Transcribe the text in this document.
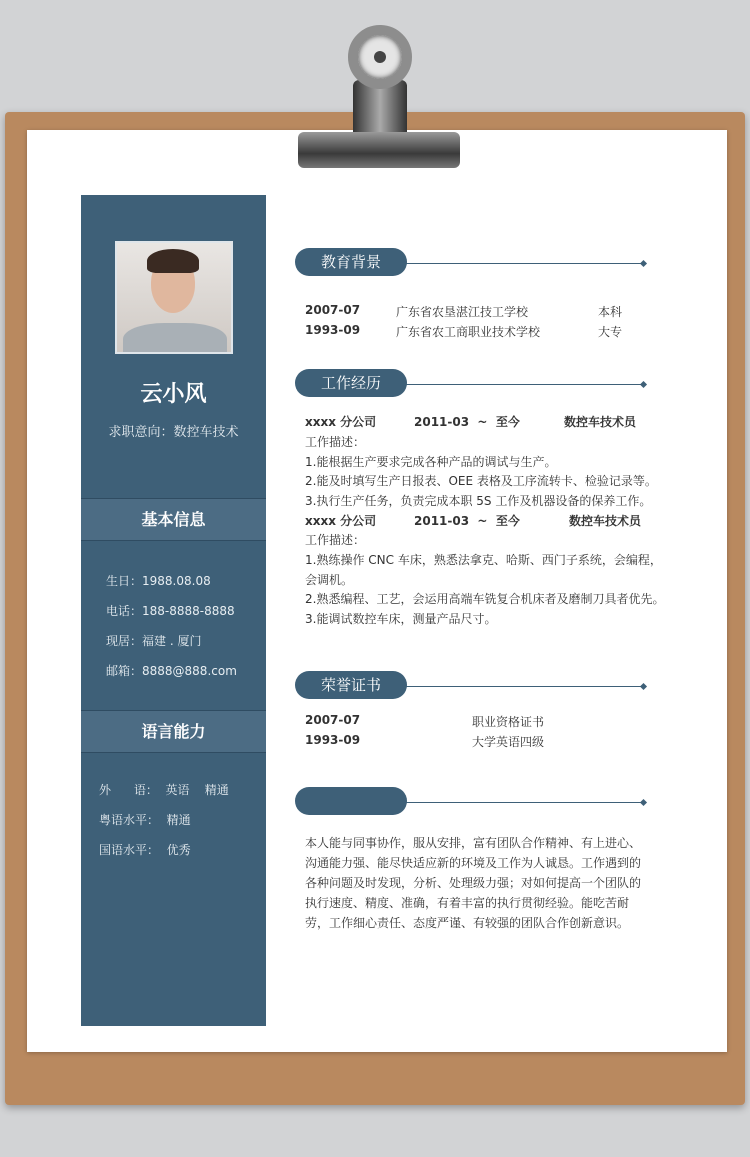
云小风
求职意向：数控车技术
基本信息
生日：1988.08.08
电话：188-8888-8888
现居：福建 . 厦门
邮箱：8888@888.com
语言能力
外      语：  英语    精通
粤语水平：  精通
国语水平：  优秀
教育背景
2007-07	广东省农垦湛江技工学校	本科
1993-09	广东省农工商职业技术学校	大专
工作经历
xxxx 分公司	2011-03  ~  至今	数控车技术员
工作描述：
1.能根据生产要求完成各种产品的调试与生产。
2.能及时填写生产日报表、OEE 表格及工序流转卡、检验记录等。
3.执行生产任务，负责完成本职 5S 工作及机器设备的保养工作。
xxxx 分公司	2011-03  ~  至今	数控车技术员
工作描述：
1.熟练操作 CNC 车床，熟悉法拿克、哈斯、西门子系统，会编程，
会调机。
2.熟悉编程、工艺，会运用高端车铣复合机床者及磨制刀具者优先。
3.能调试数控车床，测量产品尺寸。
荣誉证书
2007-07	职业资格证书
1993-09	大学英语四级
本人能与同事协作，服从安排，富有团队合作精神、有上进心、沟通能力强、能尽快适应新的环境及工作为人诚恳。工作遇到的各种问题及时发现，分析、处理级力强；对如何提高一个团队的执行速度、精度、准确，有着丰富的执行贯彻经验。能吃苦耐劳，工作细心责任、态度严谨、有较强的团队合作创新意识。
